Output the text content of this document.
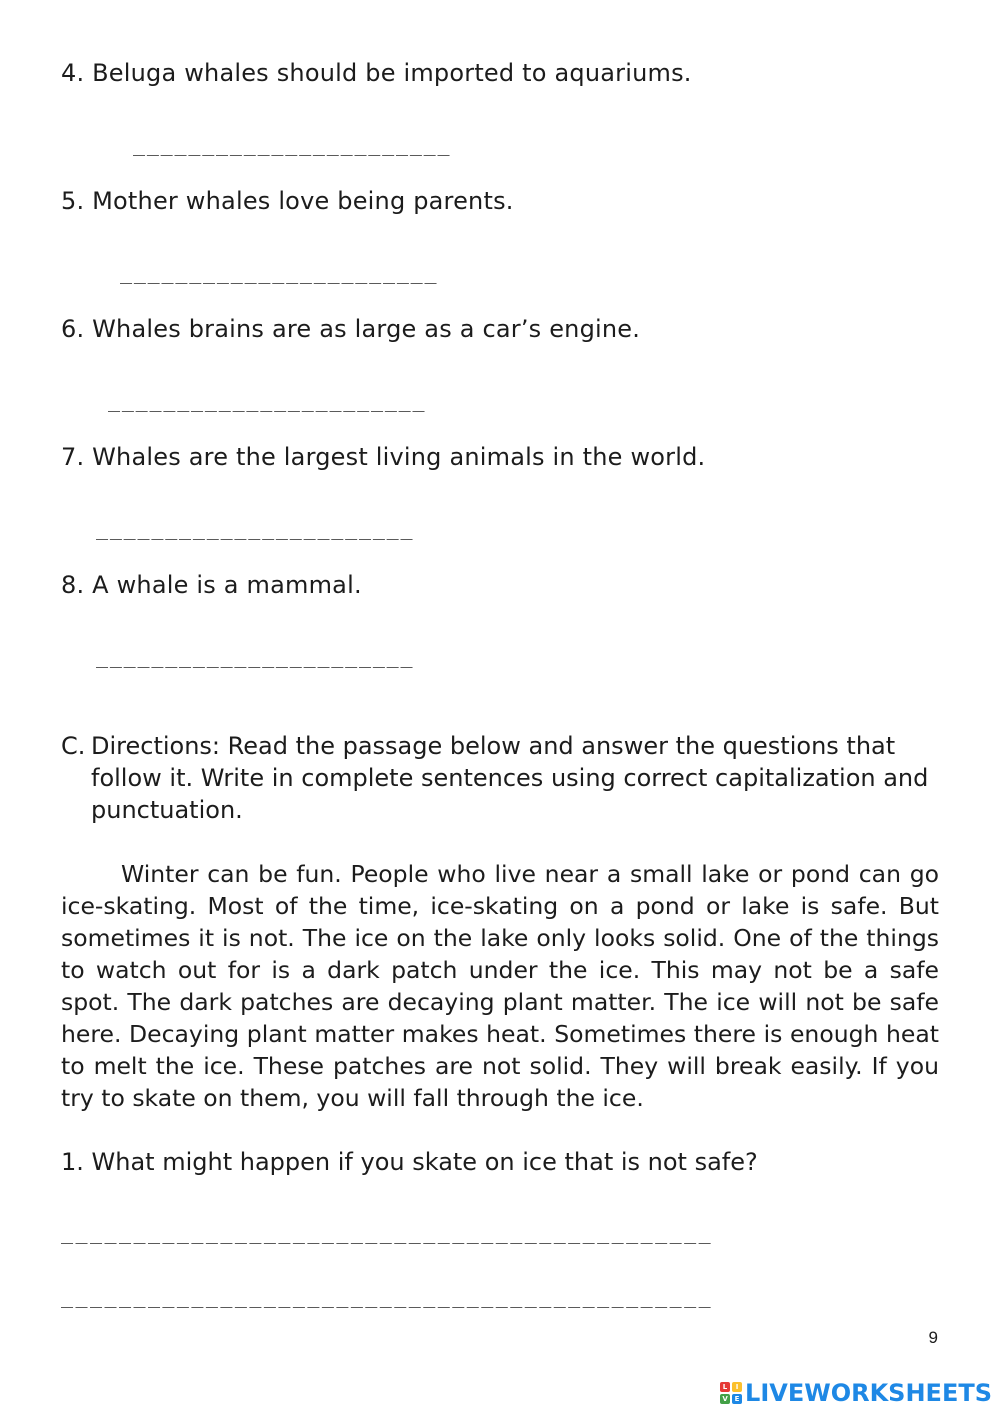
4. Beluga whales should be imported to aquariums.
_______________________
5. Mother whales love being parents.
_______________________
6. Whales brains are as large as a car’s engine.
_______________________
7. Whales are the largest living animals in the world.
_______________________
8. A whale is a mammal.
_______________________
C. Directions: Read the passage below and answer the questions that follow it. Write in complete sentences using correct capitalization and punctuation.
Winter can be fun. People who live near a small lake or pond can go ice-skating. Most of the time, ice-skating on a pond or lake is safe. But sometimes it is not. The ice on the lake only looks solid. One of the things to watch out for is a dark patch under the ice. This may not be a safe spot. The dark patches are decaying plant matter. The ice will not be safe here. Decaying plant matter makes heat. Sometimes there is enough heat to melt the ice. These patches are not solid. They will break easily. If you try to skate on them, you will fall through the ice.
1. What might happen if you skate on ice that is not safe?
_____________________________________________
_____________________________________________
9
L	I
V E LIVEWORKSHEETS
